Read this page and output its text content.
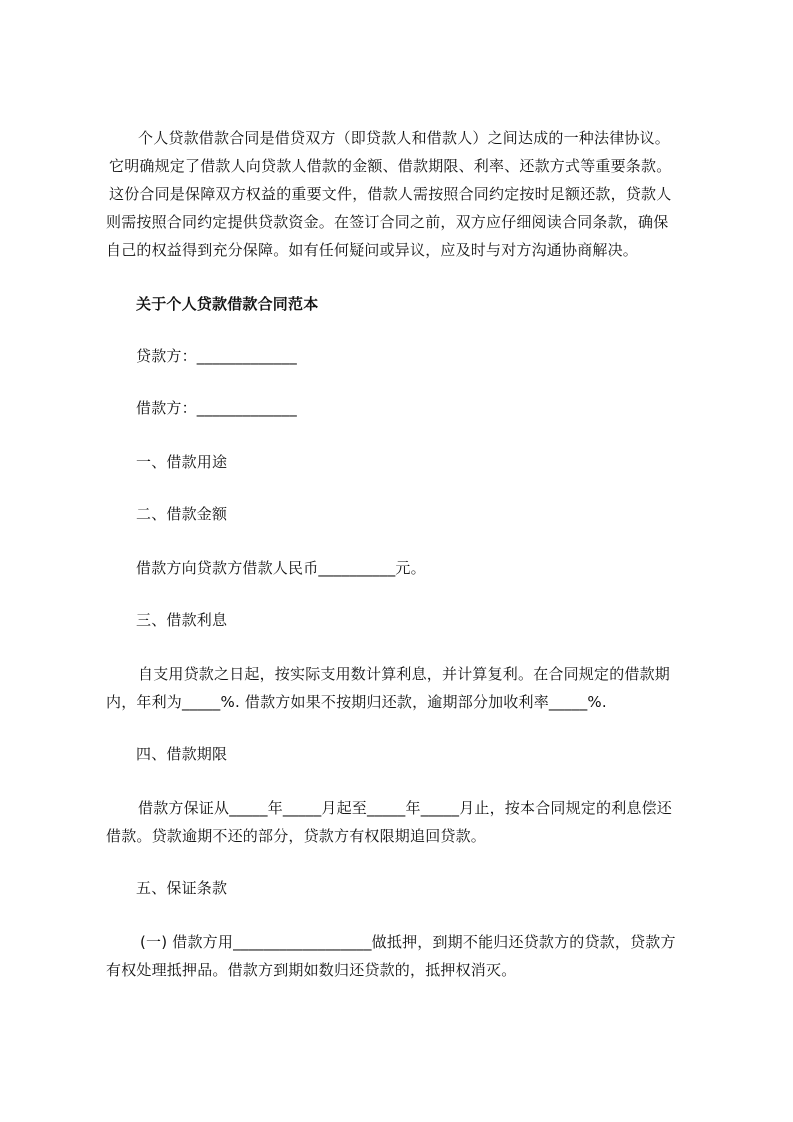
个人贷款借款合同是借贷双方（即贷款人和借款人）之间达成的一种法律协议。
它明确规定了借款人向贷款人借款的金额、借款期限、利率、还款方式等重要条款。
这份合同是保障双方权益的重要文件，借款人需按照合同约定按时足额还款，贷款人
则需按照合同约定提供贷款资金。在签订合同之前，双方应仔细阅读合同条款，确保
自己的权益得到充分保障。如有任何疑问或异议，应及时与对方沟通协商解决。
关于个人贷款借款合同范本
贷款方：_____________
借款方：_____________
一、借款用途
二、借款金额
借款方向贷款方借款人民币__________元。
三、借款利息
自支用贷款之日起，按实际支用数计算利息，并计算复利。在合同规定的借款期
内，年利为_____%. 借款方如果不按期归还款，逾期部分加收利率_____%.
四、借款期限
借款方保证从_____年_____月起至_____年_____月止，按本合同规定的利息偿还
借款。贷款逾期不还的部分，贷款方有权限期追回贷款。
五、保证条款
(一) 借款方用__________________做抵押，到期不能归还贷款方的贷款，贷款方
有权处理抵押品。借款方到期如数归还贷款的，抵押权消灭。
